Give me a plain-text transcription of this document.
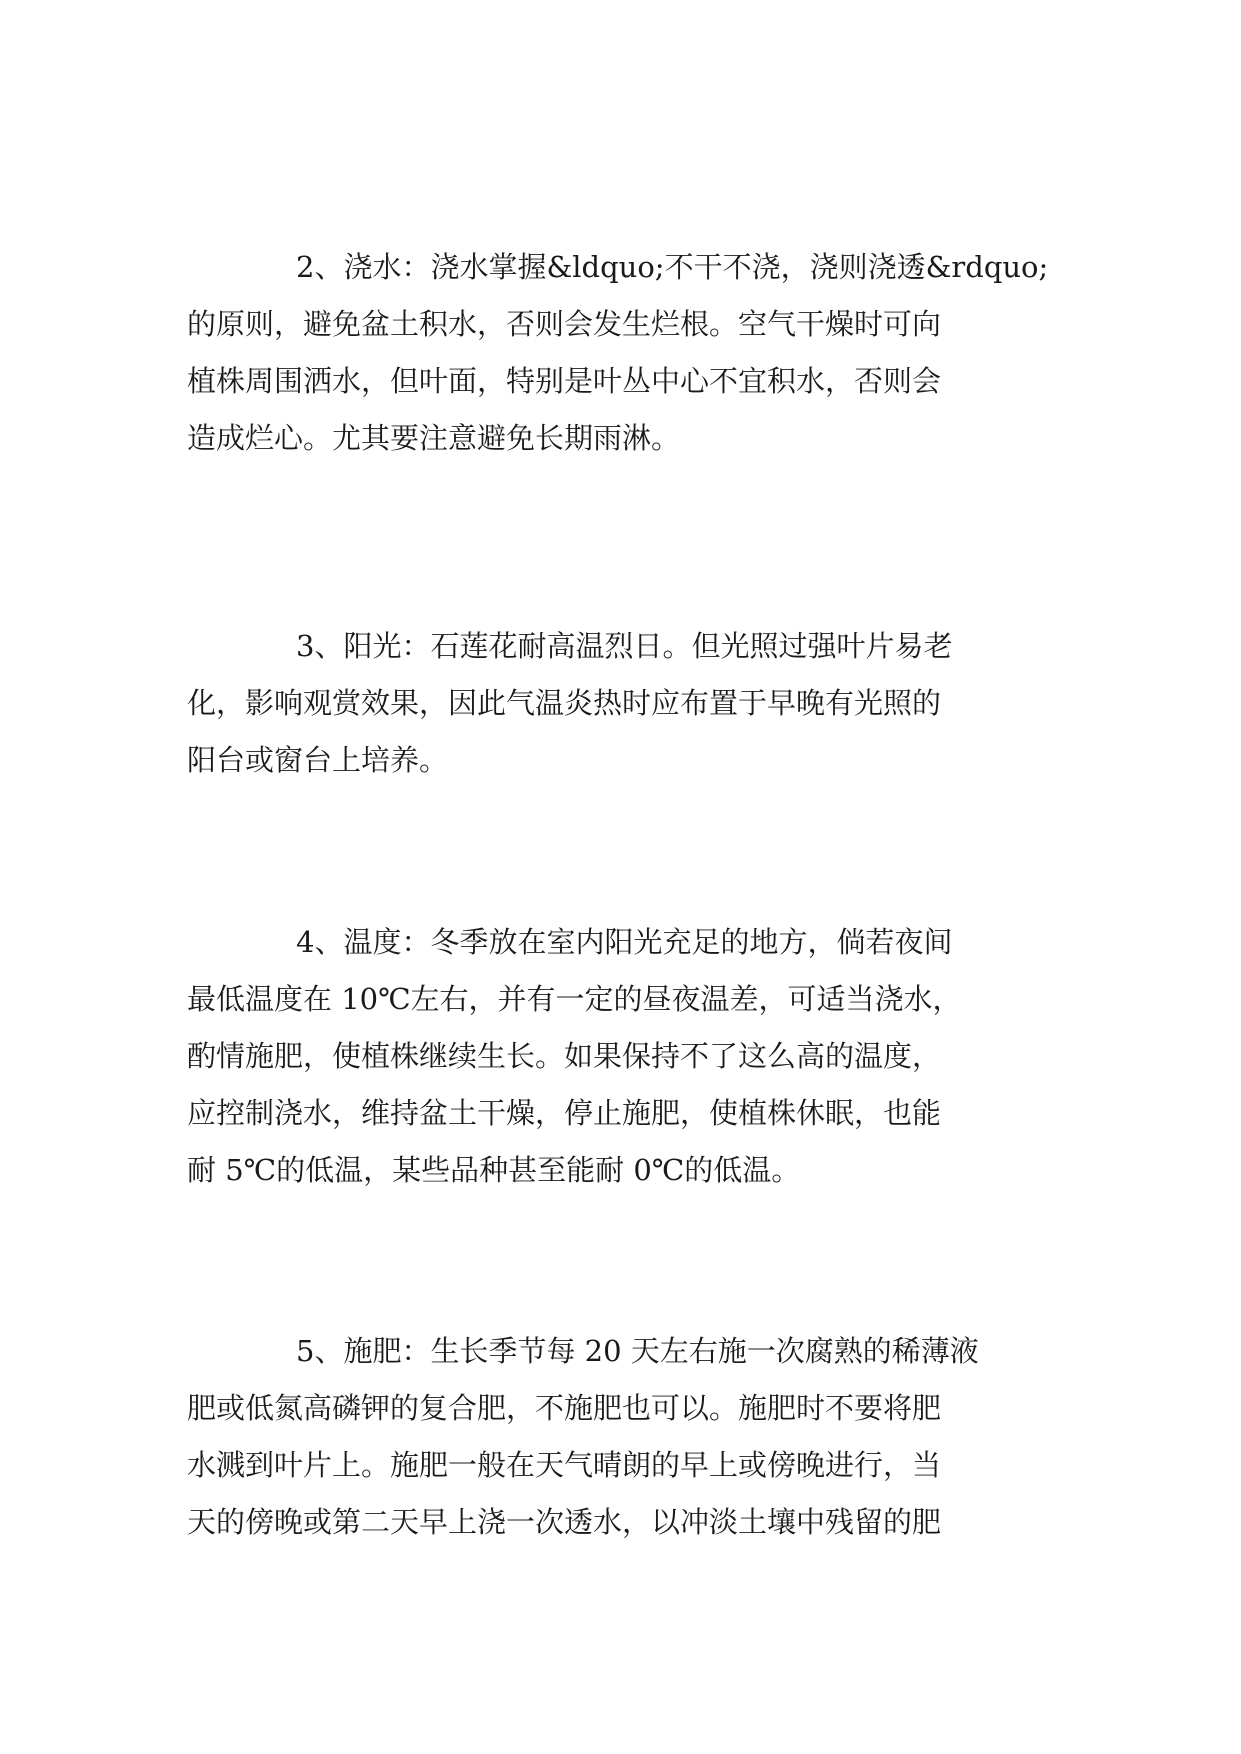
2、浇水：浇水掌握&ldquo;不干不浇，浇则浇透&rdquo;
的原则，避免盆土积水，否则会发生烂根。空气干燥时可向
植株周围洒水，但叶面，特别是叶丛中心不宜积水，否则会
造成烂心。尤其要注意避免长期雨淋。
3、阳光：石莲花耐高温烈日。但光照过强叶片易老
化，影响观赏效果，因此气温炎热时应布置于早晚有光照的
阳台或窗台上培养。
4、温度：冬季放在室内阳光充足的地方，倘若夜间
最低温度在 10℃左右，并有一定的昼夜温差，可适当浇水，
酌情施肥，使植株继续生长。如果保持不了这么高的温度，
应控制浇水，维持盆土干燥，停止施肥，使植株休眠，也能
耐 5℃的低温，某些品种甚至能耐 0℃的低温。
5、施肥：生长季节每 20 天左右施一次腐熟的稀薄液
肥或低氮高磷钾的复合肥，不施肥也可以。施肥时不要将肥
水溅到叶片上。施肥一般在天气晴朗的早上或傍晚进行，当
天的傍晚或第二天早上浇一次透水，以冲淡土壤中残留的肥
